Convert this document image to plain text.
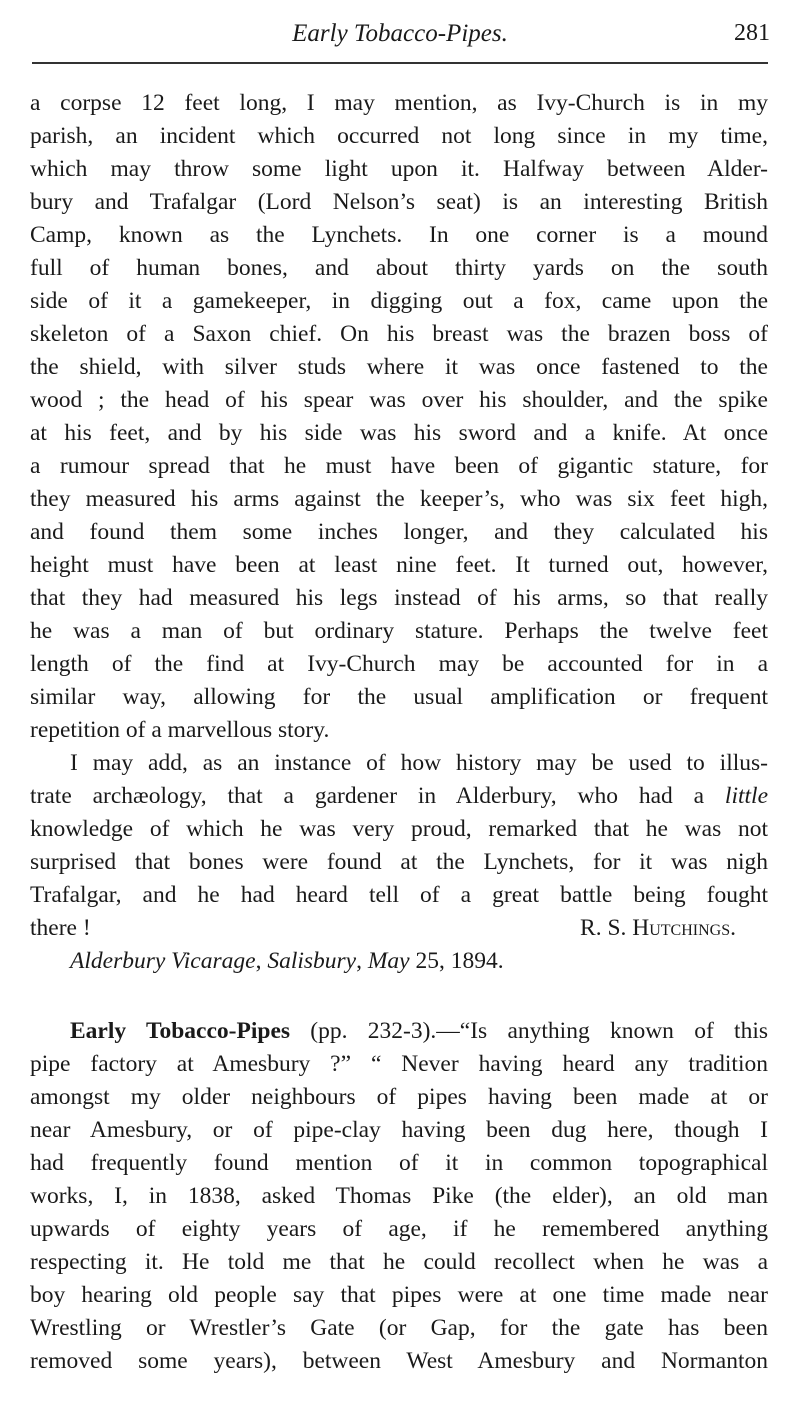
Early Tobacco-Pipes.	281
a corpse 12 feet long, I may mention, as Ivy-Church is in my
parish, an incident which occurred not long since in my time,
which may throw some light upon it. Halfway between Alder-
bury and Trafalgar (Lord Nelson’s seat) is an interesting British
Camp, known as the Lynchets. In one corner is a mound
full of human bones, and about thirty yards on the south
side of it a gamekeeper, in digging out a fox, came upon the
skeleton of a Saxon chief. On his breast was the brazen boss of
the shield, with silver studs where it was once fastened to the
wood ; the head of his spear was over his shoulder, and the spike
at his feet, and by his side was his sword and a knife. At once
a rumour spread that he must have been of gigantic stature, for
they measured his arms against the keeper’s, who was six feet high,
and found them some inches longer, and they calculated his
height must have been at least nine feet. It turned out, however,
that they had measured his legs instead of his arms, so that really
he was a man of but ordinary stature. Perhaps the twelve feet
length of the find at Ivy-Church may be accounted for in a
similar way, allowing for the usual amplification or frequent
repetition of a marvellous story.
I may add, as an instance of how history may be used to illus-
trate archæology, that a gardener in Alderbury, who had a little
knowledge of which he was very proud, remarked that he was not
surprised that bones were found at the Lynchets, for it was nigh
Trafalgar, and he had heard tell of a great battle being fought
there !	R. S. Hutchings.
Alderbury Vicarage, Salisbury, May 25, 1894.
Early Tobacco-Pipes (pp. 232-3).—“Is anything known of this
pipe factory at Amesbury ?” “ Never having heard any tradition
amongst my older neighbours of pipes having been made at or
near Amesbury, or of pipe-clay having been dug here, though I
had frequently found mention of it in common topographical
works, I, in 1838, asked Thomas Pike (the elder), an old man
upwards of eighty years of age, if he remembered anything
respecting it. He told me that he could recollect when he was a
boy hearing old people say that pipes were at one time made near
Wrestling or Wrestler’s Gate (or Gap, for the gate has been
removed some years), between West Amesbury and Normanton
